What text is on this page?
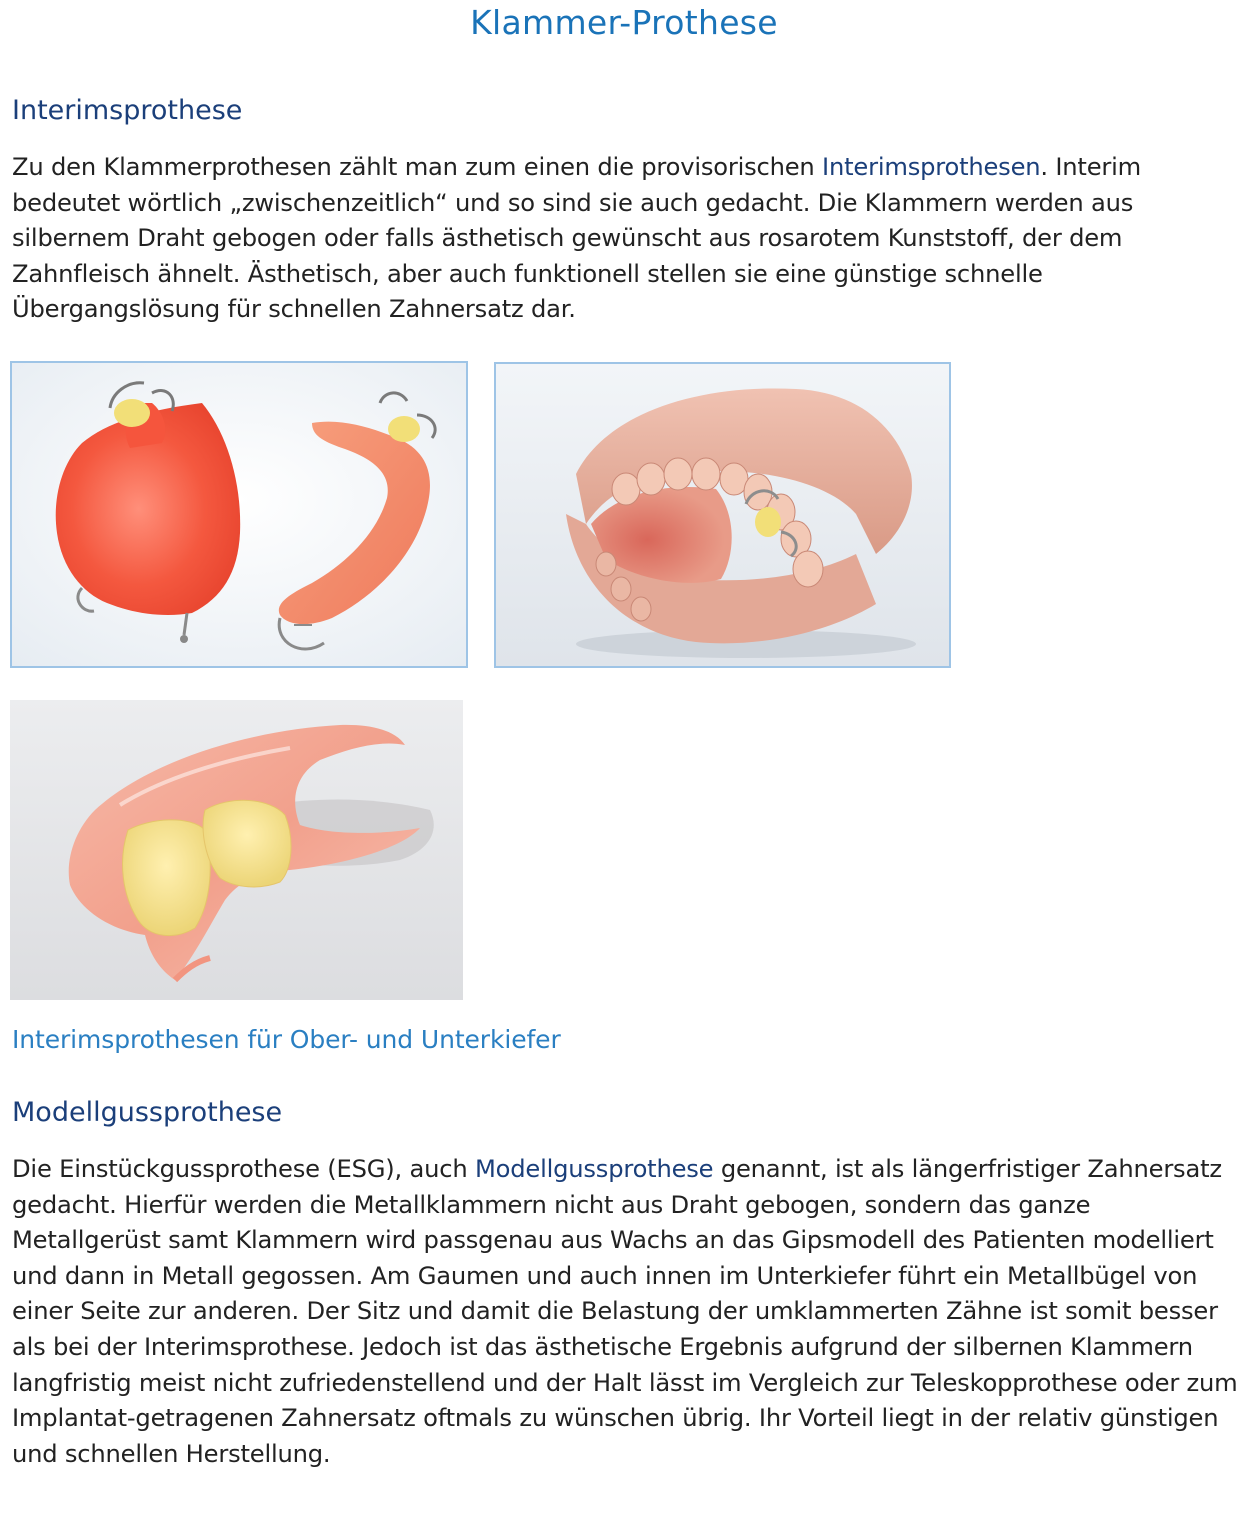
Klammer-Prothese
Interimsprothese

Zu den Klammerprothesen zählt man zum einen die provisorischen Interimsprothesen. Interim bedeutet wörtlich „zwischenzeitlich“ und so sind sie auch gedacht. Die Klammern werden aus silbernem Draht gebogen oder falls ästhetisch gewünscht aus rosarotem Kunststoff, der dem Zahnfleisch ähnelt. Ästhetisch, aber auch funktionell stellen sie eine günstige schnelle Übergangslösung für schnellen Zahnersatz dar.

Interimsprothesen für Ober- und Unterkiefer
Modellgussprothese

Die Einstückgussprothese (ESG), auch Modellgussprothese genannt, ist als längerfristiger Zahnersatz gedacht. Hierfür werden die Metallklammern nicht aus Draht gebogen, sondern das ganze Metallgerüst samt Klammern wird passgenau aus Wachs an das Gipsmodell des Patienten modelliert und dann in Metall gegossen. Am Gaumen und auch innen im Unterkiefer führt ein Metallbügel von einer Seite zur anderen. Der Sitz und damit die Belastung der umklammerten Zähne ist somit besser als bei der Interimsprothese. Jedoch ist das ästhetische Ergebnis aufgrund der silbernen Klammern langfristig meist nicht zufriedenstellend und der Halt lässt im Vergleich zur Teleskopprothese oder zum Implantat-getragenen Zahnersatz oftmals zu wünschen übrig. Ihr Vorteil liegt in der relativ günstigen und schnellen Herstellung.
